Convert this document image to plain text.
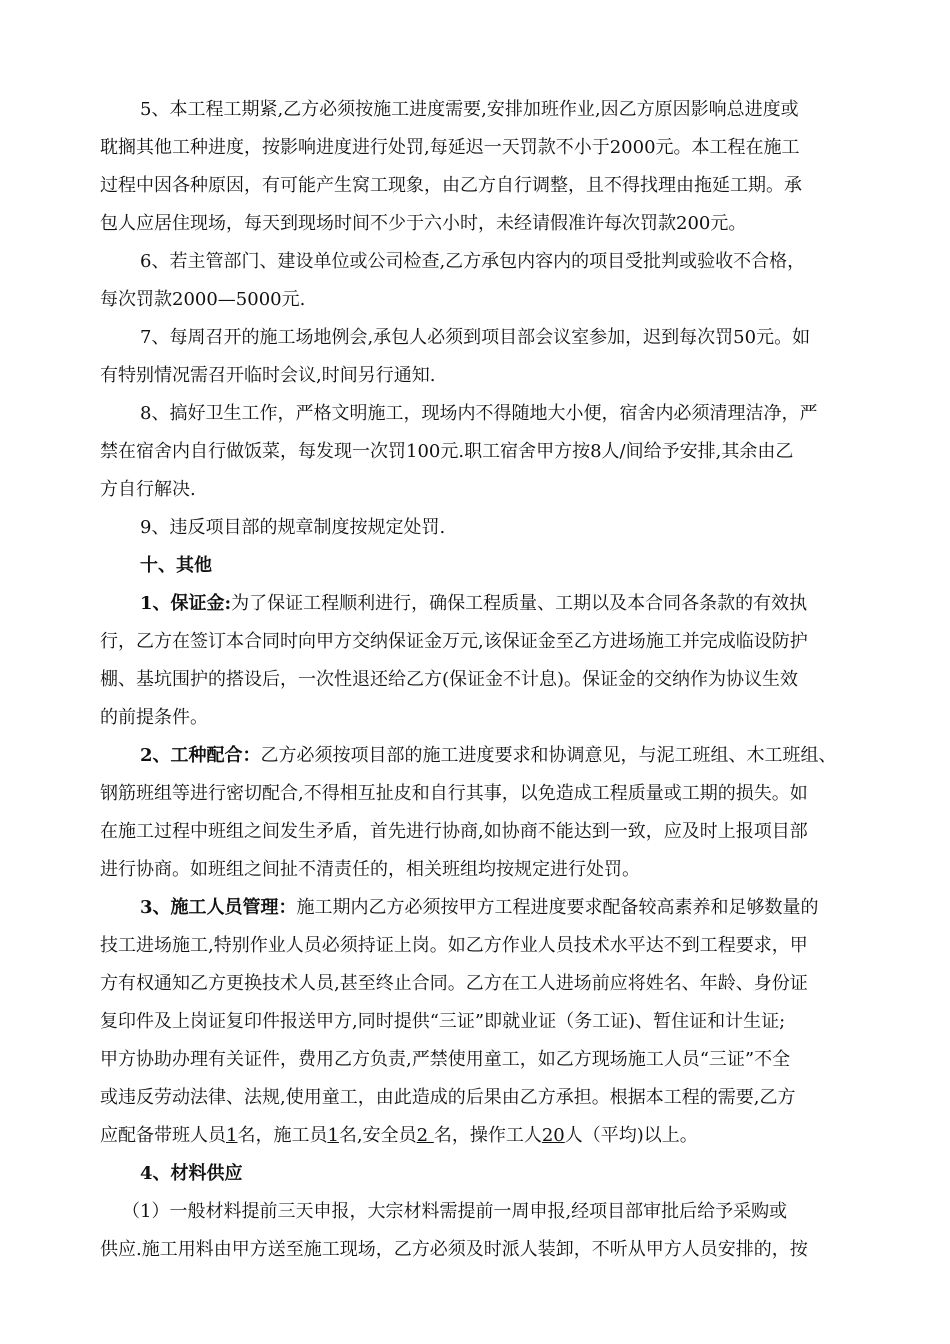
5、本工程工期紧,乙方必须按施工进度需要,安排加班作业,因乙方原因影响总进度或
耽搁其他工种进度，按影响进度进行处罚,每延迟一天罚款不小于2000元。本工程在施工
过程中因各种原因，有可能产生窝工现象，由乙方自行调整，且不得找理由拖延工期。承
包人应居住现场，每天到现场时间不少于六小时，未经请假准许每次罚款200元。
6、若主管部门、建设单位或公司检查,乙方承包内容内的项目受批判或验收不合格，
每次罚款2000—5000元.
7、每周召开的施工场地例会,承包人必须到项目部会议室参加，迟到每次罚50元。如
有特别情况需召开临时会议,时间另行通知.
8、搞好卫生工作，严格文明施工，现场内不得随地大小便，宿舍内必须清理洁净，严
禁在宿舍内自行做饭菜，每发现一次罚100元.职工宿舍甲方按8人/间给予安排,其余由乙
方自行解决.
9、违反项目部的规章制度按规定处罚.
十、其他
1、保证金:为了保证工程顺利进行，确保工程质量、工期以及本合同各条款的有效执
行，乙方在签订本合同时向甲方交纳保证金万元,该保证金至乙方进场施工并完成临设防护
棚、基坑围护的搭设后，一次性退还给乙方(保证金不计息)。保证金的交纳作为协议生效
的前提条件。
2、工种配合：乙方必须按项目部的施工进度要求和协调意见，与泥工班组、木工班组、
钢筋班组等进行密切配合,不得相互扯皮和自行其事，以免造成工程质量或工期的损失。如
在施工过程中班组之间发生矛盾，首先进行协商,如协商不能达到一致，应及时上报项目部
进行协商。如班组之间扯不清责任的，相关班组均按规定进行处罚。
3、施工人员管理：施工期内乙方必须按甲方工程进度要求配备较高素养和足够数量的
技工进场施工,特别作业人员必须持证上岗。如乙方作业人员技术水平达不到工程要求，甲
方有权通知乙方更换技术人员,甚至终止合同。乙方在工人进场前应将姓名、年龄、身份证
复印件及上岗证复印件报送甲方,同时提供“三证”即就业证（务工证)、暂住证和计生证;
甲方协助办理有关证件，费用乙方负责,严禁使用童工，如乙方现场施工人员“三证”不全
或违反劳动法律、法规,使用童工，由此造成的后果由乙方承担。根据本工程的需要,乙方
应配备带班人员1名，施工员1名,安全员2 名，操作工人20人（平均)以上。
4、材料供应
（1）一般材料提前三天申报，大宗材料需提前一周申报,经项目部审批后给予采购或
供应.施工用料由甲方送至施工现场，乙方必须及时派人装卸，不听从甲方人员安排的，按
